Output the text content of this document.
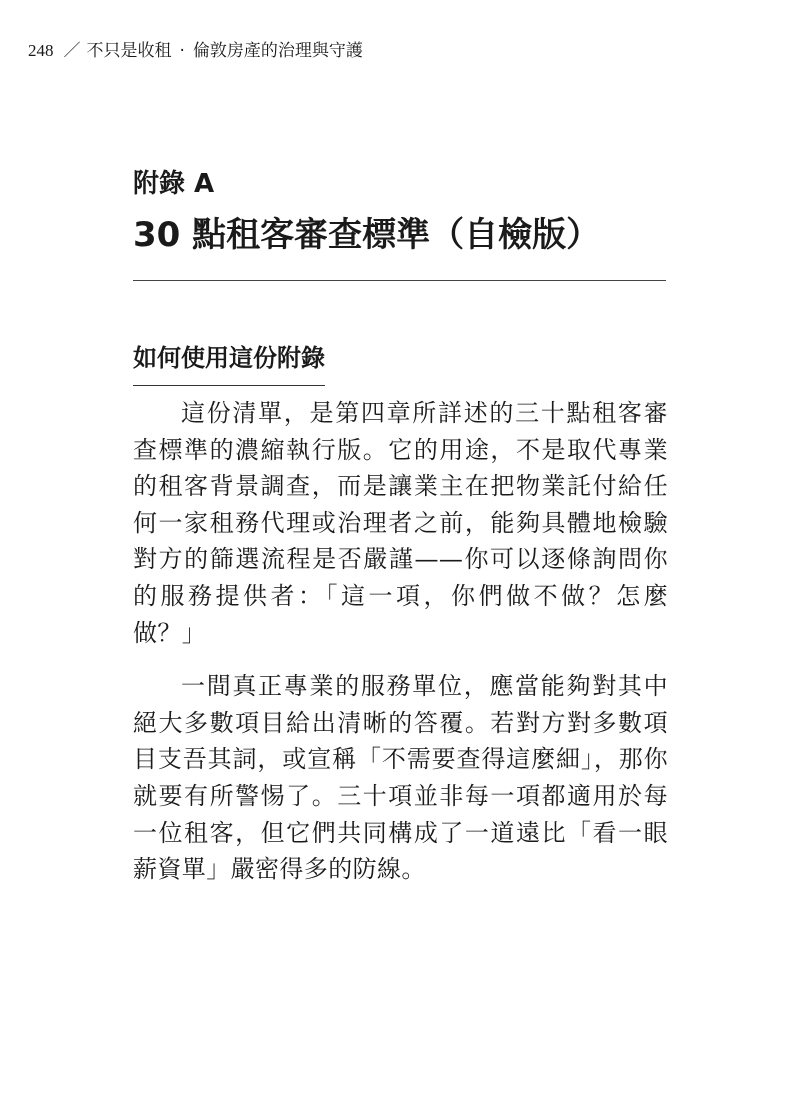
248 ／ 不只是收租 · 倫敦房產的治理與守護
附錄 A
30 點租客審查標準（自檢版）
如何使用這份附錄

這份清單，是第四章所詳述的三十點租客審查標準的濃縮執行版。它的用途，不是取代專業的租客背景調查，而是讓業主在把物業託付給任何一家租務代理或治理者之前，能夠具體地檢驗對方的篩選流程是否嚴謹——你可以逐條詢問你的服務提供者：「這一項，你們做不做？怎麼做？」

一間真正專業的服務單位，應當能夠對其中絕大多數項目給出清晰的答覆。若對方對多數項目支吾其詞，或宣稱「不需要查得這麼細」，那你就要有所警惕了。三十項並非每一項都適用於每一位租客，但它們共同構成了一道遠比「看一眼薪資單」嚴密得多的防線。
